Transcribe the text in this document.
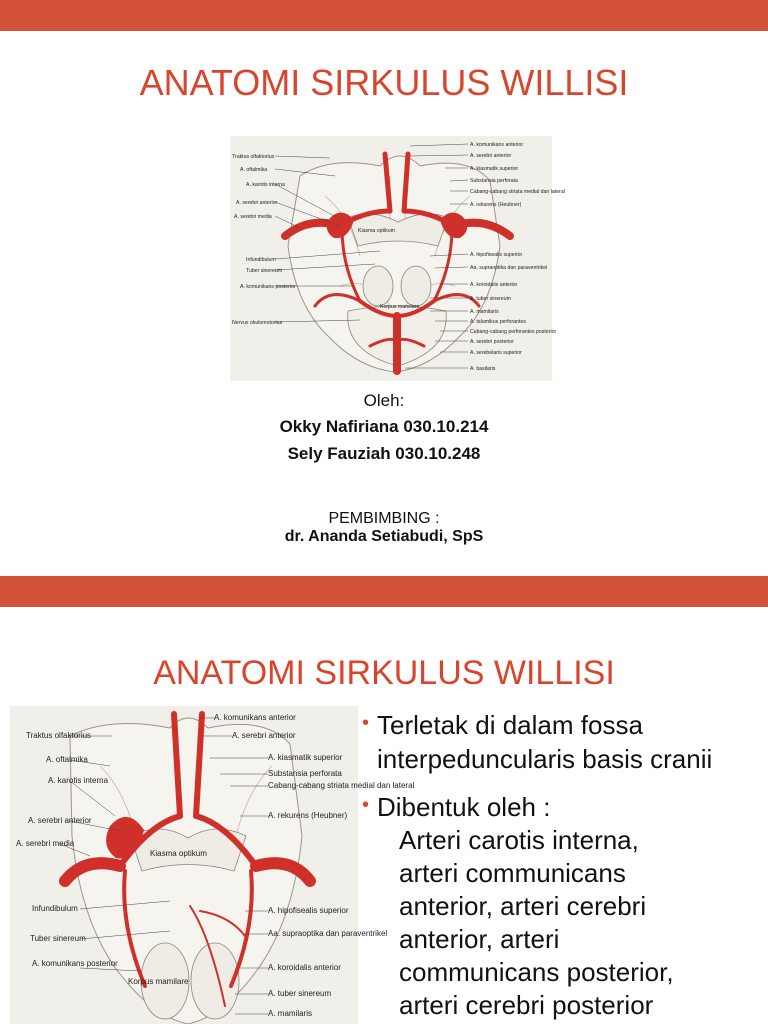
ANATOMI SIRKULUS WILLISI
Traktus olfaktorius
A. oftalmika
A. karotis interna
A. serebri anterior
A. serebri media
Infundibulum
Tuber sinereum
A. komunikans posterior
Nervus okulomotorius
A. komunikans anterior
A. serebri anterior
A. kiasmatik superior
Substansia perforata
Cabang-cabang striata medial dan lateral
A. rekurens (Heubner)
A. hipofisealis superior
Aa. supraoptika dan paraventrikel
A. koroidalis anterior
A. tuber sinereum
A. mamilaris
A. talamikus perforantes
Cabang-cabang perforantes posterior
A. serebri posterior
A. serebelaris superior
A. basilaris
Kiasma optikum
Korpus mamilare
Oleh:
Okky Nafiriana 030.10.214
Sely Fauziah 030.10.248
PEMBIMBING :
dr. Ananda Setiabudi, SpS
ANATOMI SIRKULUS WILLISI
Traktus olfaktorius
A. oftalmika
A. karotis interna
A. serebri anterior
A. serebri media
Infundibulum
Tuber sinereum
A. komunikans posterior
A. komunikans anterior
A. serebri anterior
A. kiasmatik superior
Substansia perforata
Cabang-cabang striata medial dan lateral
A. rekurens (Heubner)
A. hipofisealis superior
Aa. supraoptika dan paraventrikel
A. koroidalis anterior
A. tuber sinereum
A. mamilaris
Kiasma optikum
Korpus mamilare
• Terletak di dalam fossa interpeduncularis basis cranii
• Dibentuk oleh :
Arteri carotis interna,
arteri communicans
anterior, arteri cerebri
anterior, arteri
communicans posterior,
arteri cerebri posterior
